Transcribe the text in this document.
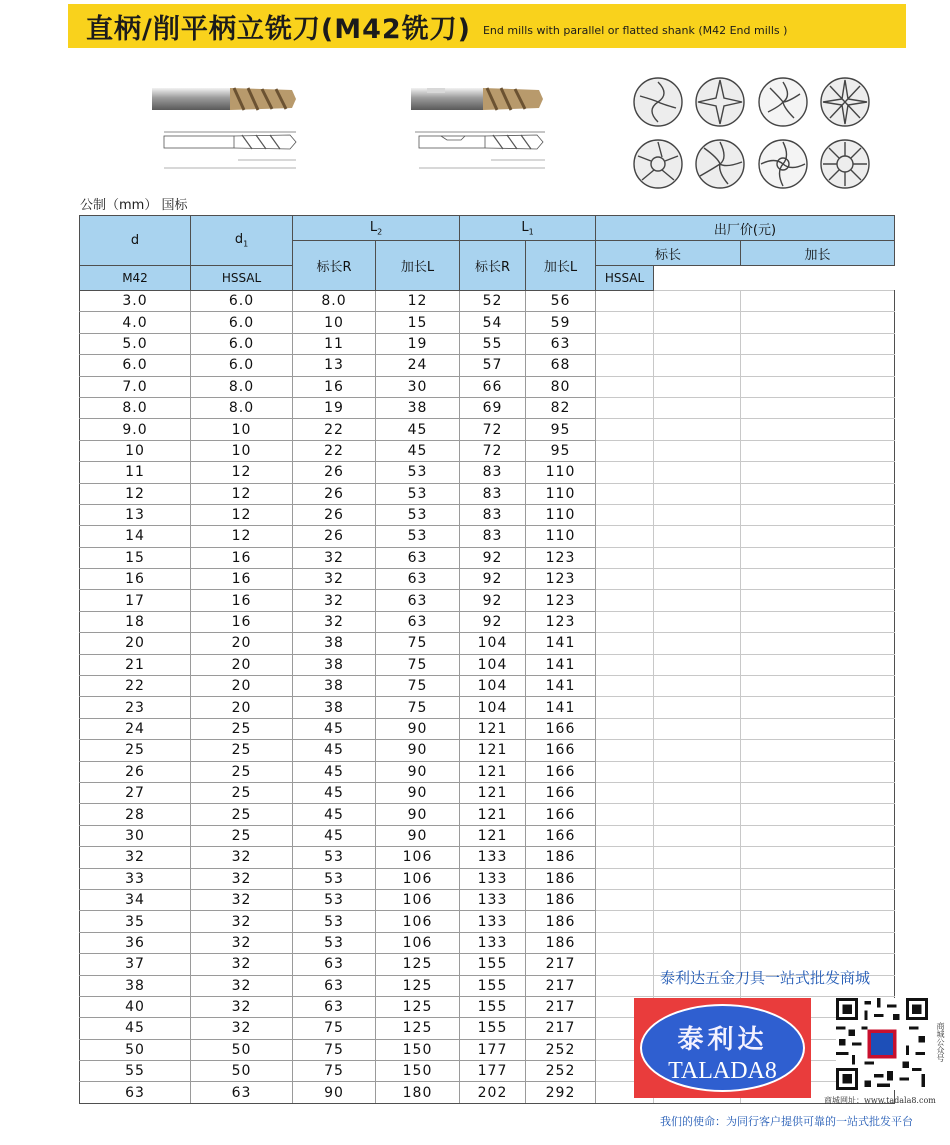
直柄/削平柄立铣刀(M42铣刀) End mills with parallel or flatted shank (M42 End mills )
公制（mm） 国标
d	$d_1$	$L_2$		$L_1$		出厂价(元)		
		标长R	加长L	标长R	加长L	标长		加长
M42	HSSAL					HSSAL		
3.0	6.0	8.0	12	52	56			
4.0	6.0	10	15	54	59			
5.0	6.0	11	19	55	63			
6.0	6.0	13	24	57	68			
7.0	8.0	16	30	66	80			
8.0	8.0	19	38	69	82			
9.0	10	22	45	72	95			
10	10	22	45	72	95			
11	12	26	53	83	110			
12	12	26	53	83	110			
13	12	26	53	83	110			
14	12	26	53	83	110			
15	16	32	63	92	123			
16	16	32	63	92	123			
17	16	32	63	92	123			
18	16	32	63	92	123			
20	20	38	75	104	141			
21	20	38	75	104	141			
22	20	38	75	104	141			
23	20	38	75	104	141			
24	25	45	90	121	166			
25	25	45	90	121	166			
26	25	45	90	121	166			
27	25	45	90	121	166			
28	25	45	90	121	166			
30	25	45	90	121	166			
32	32	53	106	133	186			
33	32	53	106	133	186			
34	32	53	106	133	186			
35	32	53	106	133	186			
36	32	53	106	133	186			
37	32	63	125	155	217			
38	32	63	125	155	217			
40	32	63	125	155	217			
45	32	75	125	155	217			
50	50	75	150	177	252			
55	50	75	150	177	252			
63	63	90	180	202	292			
泰利达五金刀具一站式批发商城
泰利达
TALADA8
商城公众号
商城网址：www.tadala8.com
我们的使命：为同行客户提供可靠的一站式批发平台
